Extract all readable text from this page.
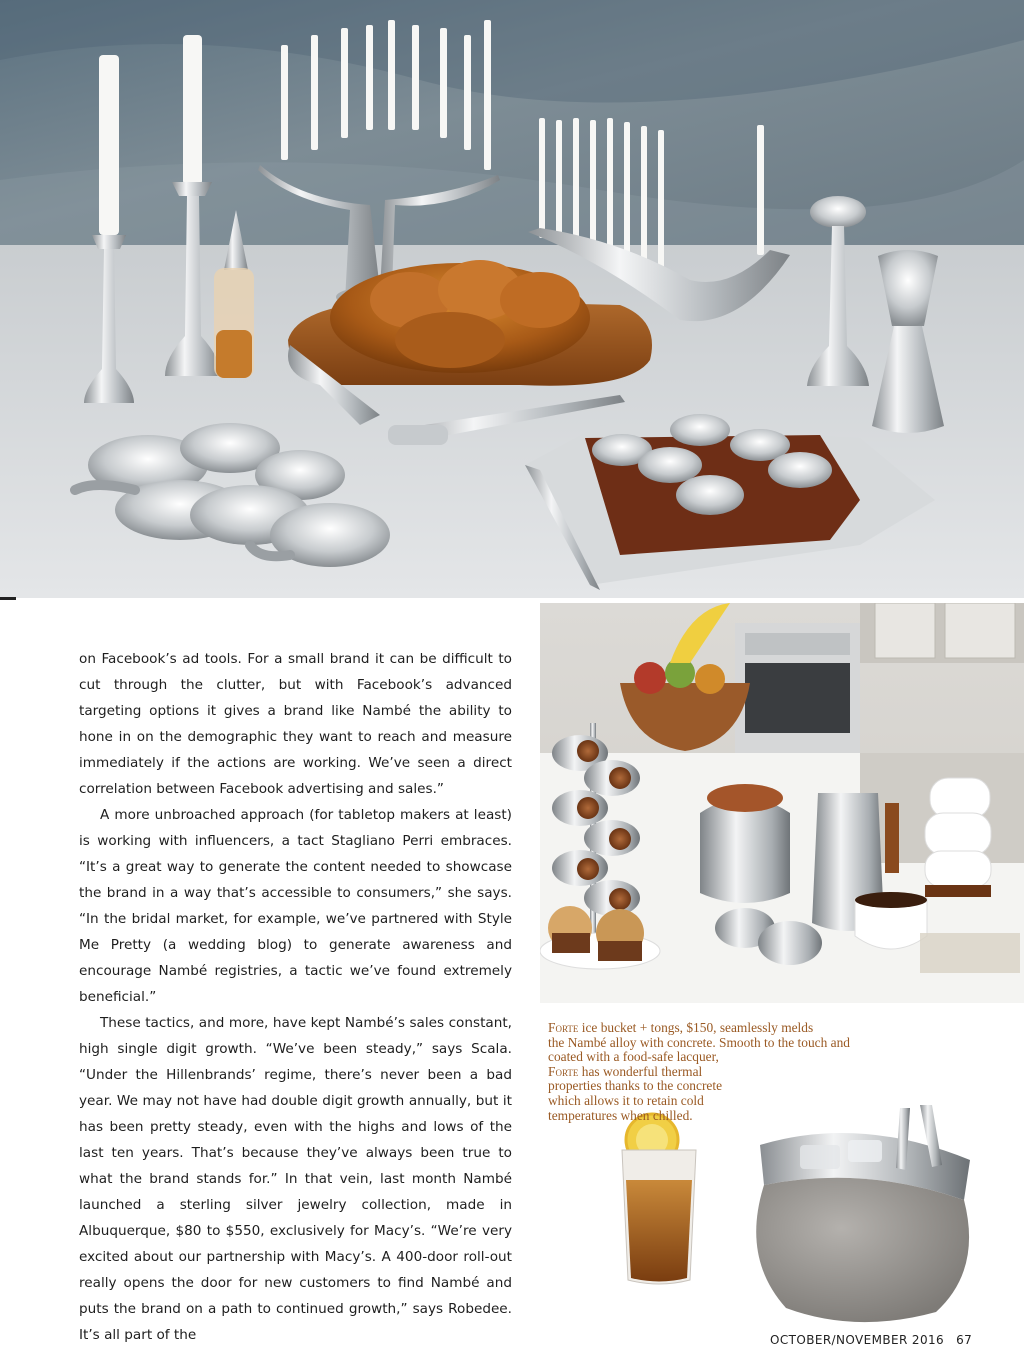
on Facebook’s ad tools. For a small brand it can be difficult to cut through the clutter, but with Facebook’s advanced targeting options it gives a brand like Nambé the ability to hone in on the demographic they want to reach and measure immediately if the actions are working. We’ve seen a direct correlation between Facebook advertising and sales.”

A more unbroached approach (for tabletop makers at least) is working with influencers, a tact Stagliano Perri embraces. “It’s a great way to generate the content needed to showcase the brand in a way that’s accessible to consumers,” she says. “In the bridal market, for example, we’ve partnered with Style Me Pretty (a wedding blog) to generate awareness and encourage Nambé registries, a tactic we’ve found extremely beneficial.”

These tactics, and more, have kept Nambé’s sales constant, high single digit growth. “We’ve been steady,” says Scala. “Under the Hillenbrands’ regime, there’s never been a bad year. We may not have had double digit growth annually, but it has been pretty steady, even with the highs and lows of the last ten years. That’s because they’ve always been true to what the brand stands for.” In that vein, last month Nambé launched a sterling silver jewelry collection, made in Albuquerque, $80 to $550, exclusively for Macy’s. “We’re very excited about our partnership with Macy’s. A 400-door roll-out really opens the door for new customers to find Nambé and puts the brand on a path to continued growth,” says Robedee. It’s all part of the

Forte ice bucket + tongs, $150, seamlessly melds
the Nambé alloy with concrete. Smooth to the touch and
coated with a food-safe lacquer,
Forte has wonderful thermal
properties thanks to the concrete
which allows it to retain cold
temperatures when chilled.
OCTOBER/NOVEMBER 2016 67
